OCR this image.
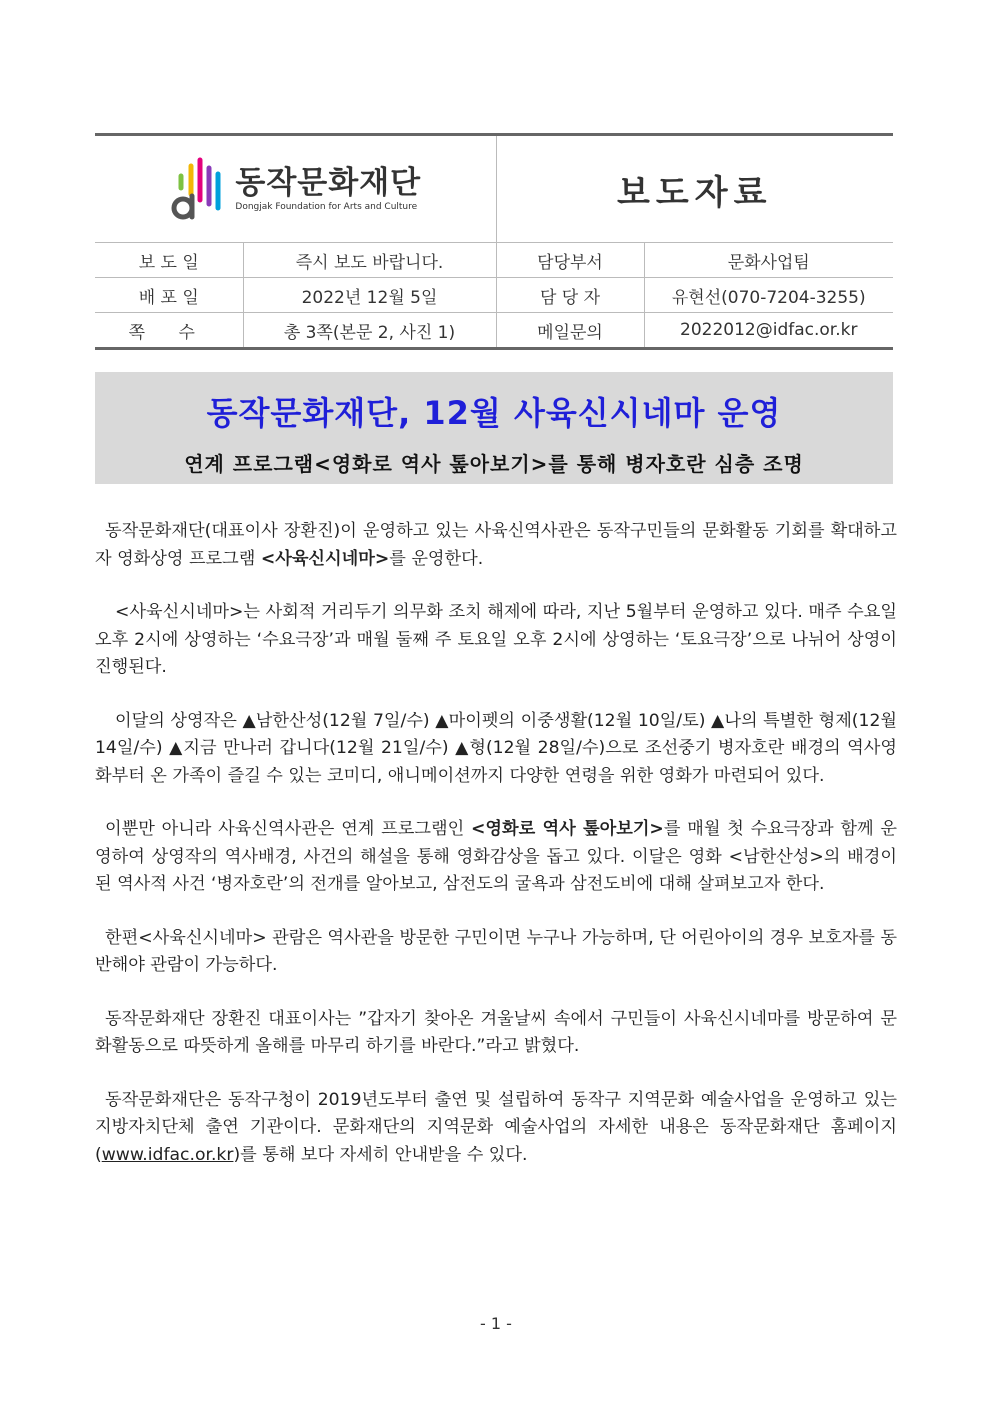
동작문화재단
Dongjak Foundation for Arts and Culture		보도자료	
보 도 일	즉시 보도 바랍니다.	담당부서	문화사업팀
배 포 일	2022년 12월 5일	담 당 자	유현선(070-7204-3255)
쪽 수	총 3쪽(본문 2, 사진 1)	메일문의	2022012@idfac.or.kr
동작문화재단, 12월 사육신시네마 운영
연계 프로그램<영화로 역사 톺아보기>를 통해 병자호란 심층 조명

동작문화재단(대표이사 장환진)이 운영하고 있는 사육신역사관은 동작구민들의 문화활동 기회를 확대하고자 영화상영 프로그램 <사육신시네마>를 운영한다.

<사육신시네마>는 사회적 거리두기 의무화 조치 해제에 따라, 지난 5월부터 운영하고 있다. 매주 수요일 오후 2시에 상영하는 ‘수요극장’과 매월 둘째 주 토요일 오후 2시에 상영하는 ‘토요극장’으로 나뉘어 상영이 진행된다.

이달의 상영작은 ▲남한산성(12월 7일/수) ▲마이펫의 이중생활(12월 10일/토) ▲나의 특별한 형제(12월 14일/수) ▲지금 만나러 갑니다(12월 21일/수) ▲형(12월 28일/수)으로 조선중기 병자호란 배경의 역사영화부터 온 가족이 즐길 수 있는 코미디, 애니메이션까지 다양한 연령을 위한 영화가 마련되어 있다.

이뿐만 아니라 사육신역사관은 연계 프로그램인 <영화로 역사 톺아보기>를 매월 첫 수요극장과 함께 운영하여 상영작의 역사배경, 사건의 해설을 통해 영화감상을 돕고 있다. 이달은 영화 <남한산성>의 배경이 된 역사적 사건 ‘병자호란’의 전개를 알아보고, 삼전도의 굴욕과 삼전도비에 대해 살펴보고자 한다.

한편<사육신시네마> 관람은 역사관을 방문한 구민이면 누구나 가능하며, 단 어린아이의 경우 보호자를 동반해야 관람이 가능하다.

동작문화재단 장환진 대표이사는 ”갑자기 찾아온 겨울날씨 속에서 구민들이 사육신시네마를 방문하여 문화활동으로 따뜻하게 올해를 마무리 하기를 바란다.”라고 밝혔다.

동작문화재단은 동작구청이 2019년도부터 출연 및 설립하여 동작구 지역문화 예술사업을 운영하고 있는 지방자치단체 출연 기관이다. 문화재단의 지역문화 예술사업의 자세한 내용은 동작문화재단 홈페이지(www.idfac.or.kr)를 통해 보다 자세히 안내받을 수 있다.

- 1 -
